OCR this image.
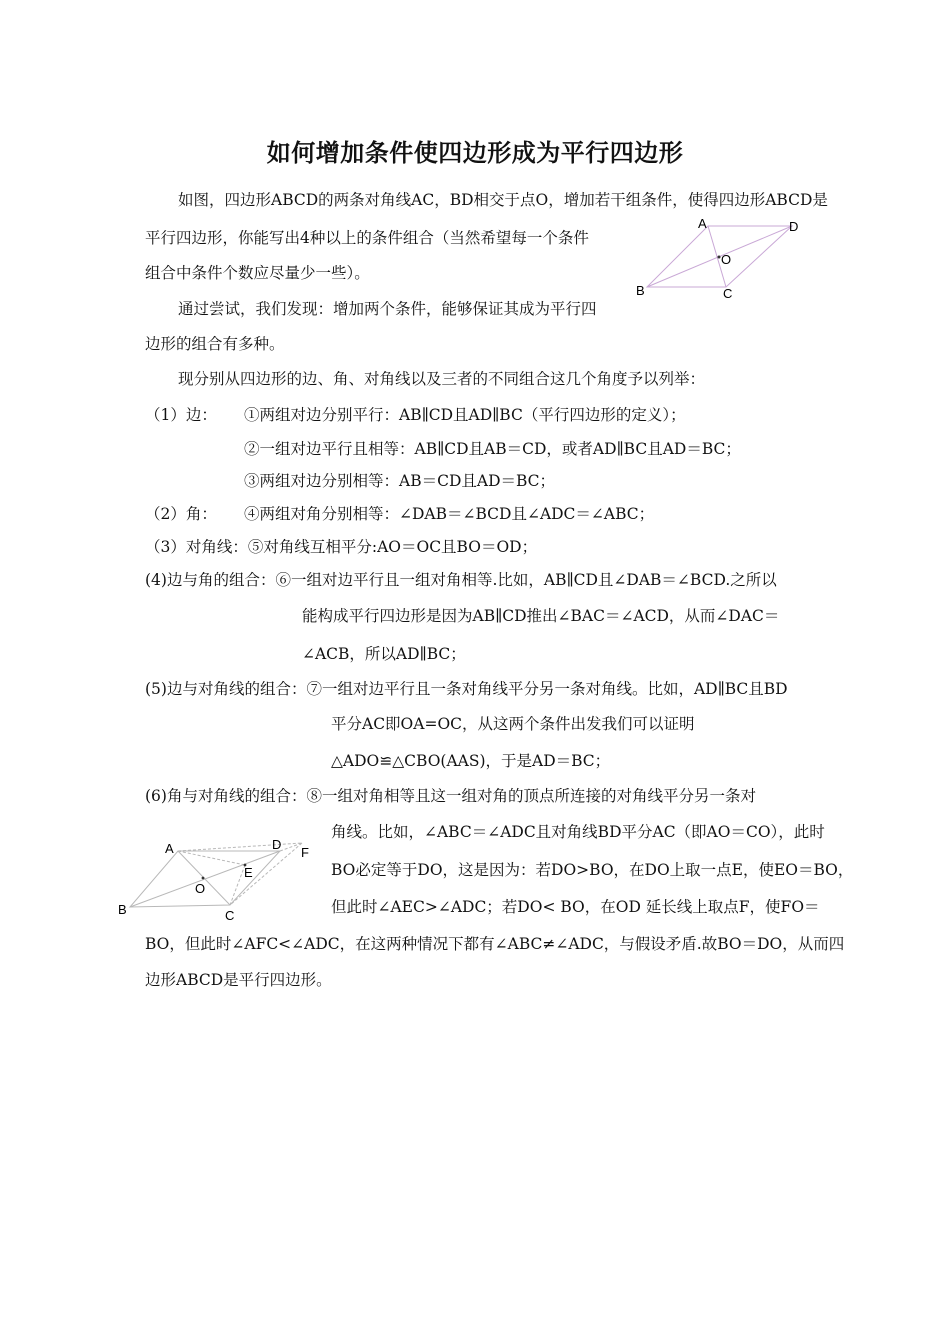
如何增加条件使四边形成为平行四边形
如图，四边形ABCD的两条对角线AC，BD相交于点O，增加若干组条件，使得四边形ABCD是
平行四边形，你能写出4种以上的条件组合（当然希望每一个条件
组合中条件个数应尽量少一些）。
通过尝试，我们发现：增加两个条件，能够保证其成为平行四
边形的组合有多种。
现分别从四边形的边、角、对角线以及三者的不同组合这几个角度予以列举：
A	D
O
B	C
（1）边： ①两组对边分别平行：AB∥CD且AD∥BC（平行四边形的定义）；
②一组对边平行且相等：AB∥CD且AB＝CD，或者AD∥BC且AD＝BC；
③两组对边分别相等：AB＝CD且AD＝BC；
（2）角： ④两组对角分别相等：∠DAB＝∠BCD且∠ADC＝∠ABC；
（3）对角线：⑤对角线互相平分:AO＝OC且BO＝OD；
(4)边与角的组合：⑥一组对边平行且一组对角相等.比如，AB∥CD且∠DAB＝∠BCD.之所以
能构成平行四边形是因为AB∥CD推出∠BAC＝∠ACD，从而∠DAC＝
∠ACB，所以AD∥BC；
(5)边与对角线的组合：⑦一组对边平行且一条对角线平分另一条对角线。比如，AD∥BC且BD
平分AC即OA=OC，从这两个条件出发我们可以证明
△ADO≌△CBO(AAS)，于是AD＝BC；
(6)角与对角线的组合：⑧一组对角相等且这一组对角的顶点所连接的对角线平分另一条对
角线。比如，∠ABC＝∠ADC且对角线BD平分AC（即AO＝CO），此时
BO必定等于DO，这是因为：若DO>BO，在DO上取一点E，使EO＝BO，
但此时∠AEC>∠ADC；若DO< BO，在OD 延长线上取点F，使FO＝
BO，但此时∠AFC<∠ADC，在这两种情况下都有∠ABC≠∠ADC，与假设矛盾.故BO＝DO，从而四
边形ABCD是平行四边形。
A	D
F
E
O
B	C
